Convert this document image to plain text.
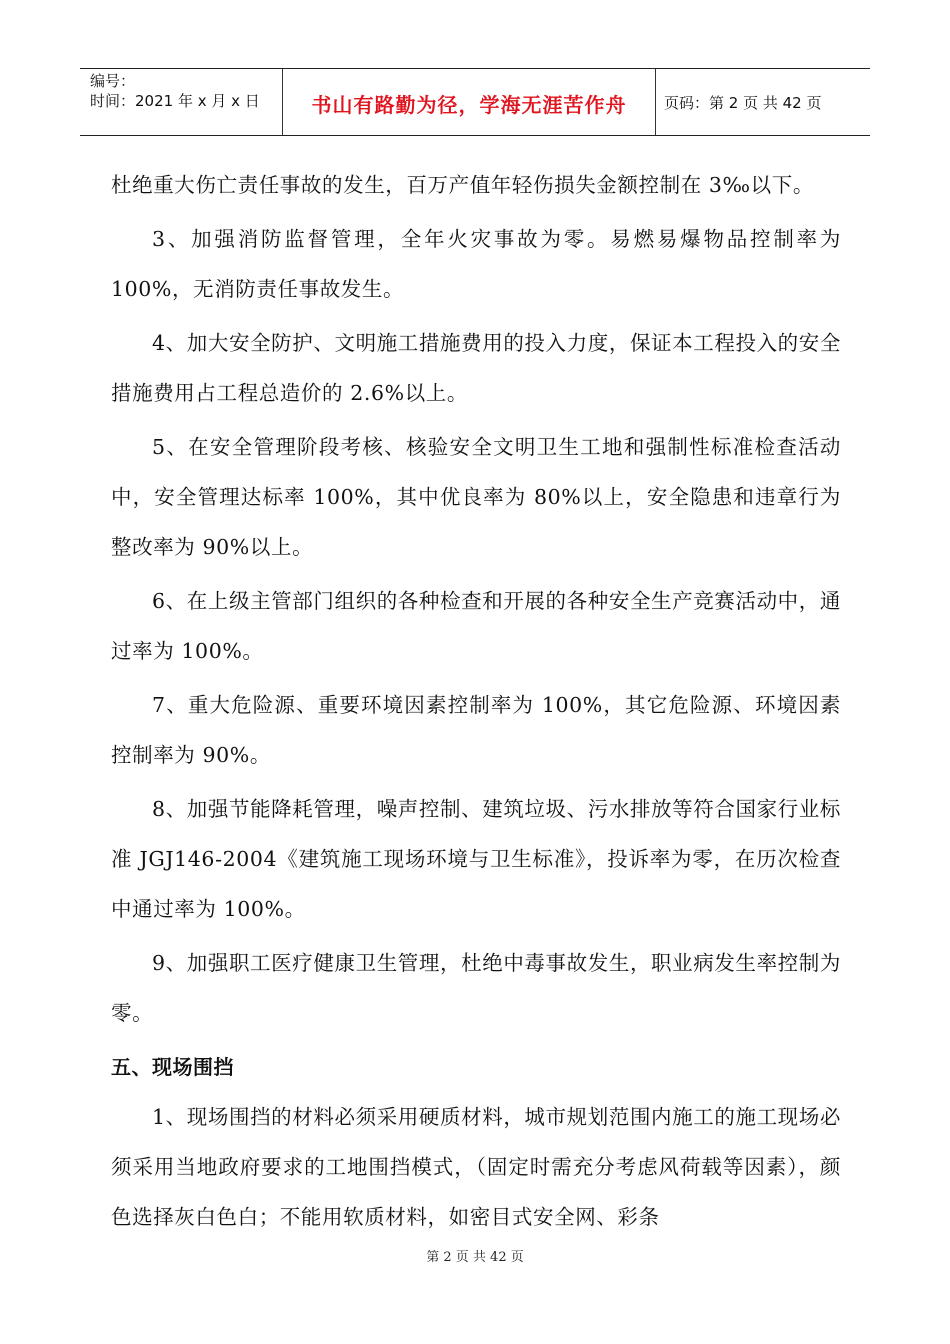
编号：
时间：2021 年 x 月 x 日	书山有路勤为径，学海无涯苦作舟	页码：第 2 页 共 42 页

杜绝重大伤亡责任事故的发生，百万产值年轻伤损失金额控制在 3‰以下。

3、加强消防监督管理，全年火灾事故为零。易燃易爆物品控制率为 100%，无消防责任事故发生。

4、加大安全防护、文明施工措施费用的投入力度，保证本工程投入的安全措施费用占工程总造价的 2.6%以上。

5、在安全管理阶段考核、核验安全文明卫生工地和强制性标准检查活动中，安全管理达标率 100%，其中优良率为 80%以上，安全隐患和违章行为整改率为 90%以上。

6、在上级主管部门组织的各种检查和开展的各种安全生产竞赛活动中，通过率为 100%。

7、重大危险源、重要环境因素控制率为 100%，其它危险源、环境因素控制率为 90%。

8、加强节能降耗管理，噪声控制、建筑垃圾、污水排放等符合国家行业标准 JGJ146-2004《建筑施工现场环境与卫生标准》，投诉率为零，在历次检查中通过率为 100%。

9、加强职工医疗健康卫生管理，杜绝中毒事故发生，职业病发生率控制为零。

五、现场围挡

1、现场围挡的材料必须采用硬质材料，城市规划范围内施工的施工现场必须采用当地政府要求的工地围挡模式，（固定时需充分考虑风荷载等因素），颜色选择灰白色白；不能用软质材料，如密目式安全网、彩条

第 2 页 共 42 页
